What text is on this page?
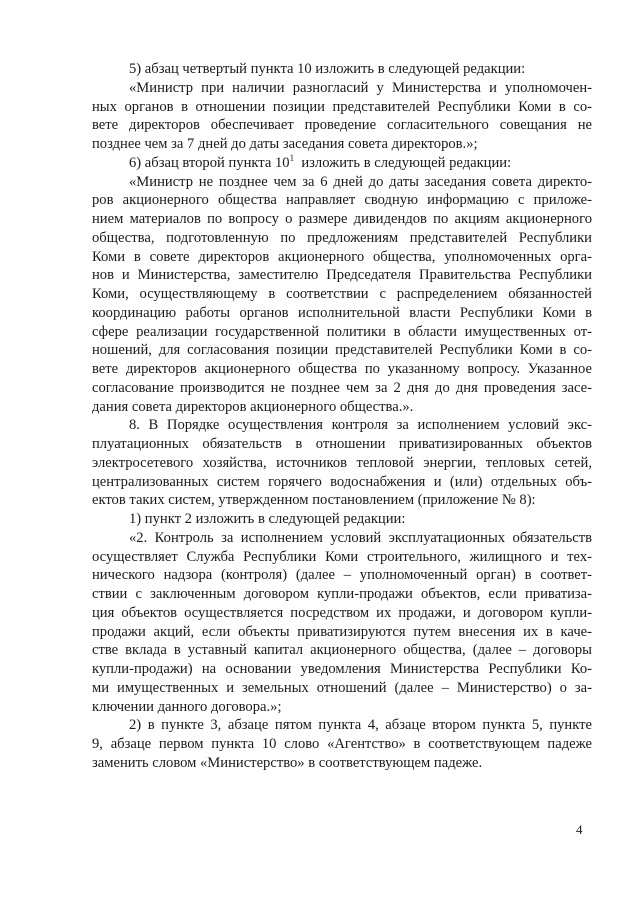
5) абзац четвертый пункта 10 изложить в следующей редакции:
«Министр при наличии разногласий у Министерства и уполномочен-
ных органов в отношении позиции представителей Республики Коми в со-
вете директоров обеспечивает проведение согласительного совещания не
позднее чем за 7 дней до даты заседания совета директоров.»;
6) абзац второй пункта $10^1$ изложить в следующей редакции:
«Министр не позднее чем за 6 дней до даты заседания совета директо-
ров акционерного общества направляет сводную информацию с приложе-
нием материалов по вопросу о размере дивидендов по акциям акционерного
общества, подготовленную по предложениям представителей Республики
Коми в совете директоров акционерного общества, уполномоченных орга-
нов и Министерства, заместителю Председателя Правительства Республики
Коми, осуществляющему в соответствии с распределением обязанностей
координацию работы органов исполнительной власти Республики Коми в
сфере реализации государственной политики в области имущественных от-
ношений, для согласования позиции представителей Республики Коми в со-
вете директоров акционерного общества по указанному вопросу. Указанное
согласование производится не позднее чем за 2 дня до дня проведения засе-
дания совета директоров акционерного общества.».
8. В Порядке осуществления контроля за исполнением условий экс-
плуатационных обязательств в отношении приватизированных объектов
электросетевого хозяйства, источников тепловой энергии, тепловых сетей,
централизованных систем горячего водоснабжения и (или) отдельных объ-
ектов таких систем, утвержденном постановлением (приложение № 8):
1) пункт 2 изложить в следующей редакции:
«2. Контроль за исполнением условий эксплуатационных обязательств
осуществляет Служба Республики Коми строительного, жилищного и тех-
нического надзора (контроля) (далее – уполномоченный орган) в соответ-
ствии с заключенным договором купли-продажи объектов, если приватиза-
ция объектов осуществляется посредством их продажи, и договором купли-
продажи акций, если объекты приватизируются путем внесения их в каче-
стве вклада в уставный капитал акционерного общества, (далее – договоры
купли-продажи) на основании уведомления Министерства Республики Ко-
ми имущественных и земельных отношений (далее – Министерство) о за-
ключении данного договора.»;
2) в пункте 3, абзаце пятом пункта 4, абзаце втором пункта 5, пункте
9, абзаце первом пункта 10 слово «Агентство» в соответствующем падеже
заменить словом «Министерство» в соответствующем падеже.
4
